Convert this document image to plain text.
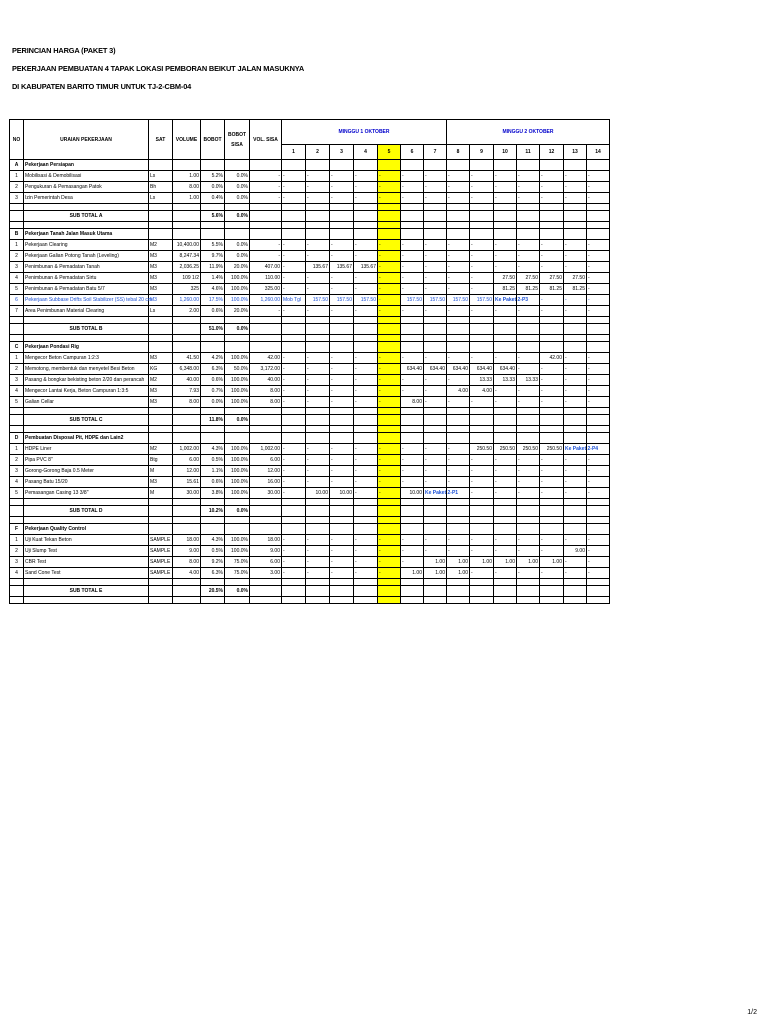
PERINCIAN HARGA (PAKET 3)
PEKERJAAN PEMBUATAN 4 TAPAK LOKASI PEMBORAN BEIKUT JALAN MASUKNYA
DI KABUPATEN BARITO TIMUR UNTUK TJ-2-CBM-04
NO	URAIAN PEKERJAAN	SAT	VOLUME	BOBOT	BOBOT SISA	VOL. SISA	MINGGU 1 OKTOBER							MINGGU 2 OKTOBER						
							1	2	3	4	5	6	7	8	9	10	11	12	13	14
A	Pekerjaan Persiapan																			
1	Mobilisasi & Demobilisasi	Ls	1.00	5.2%	0.0%	-	-	-	-	-	-	-	-	-	-	-	-	-	-	-
2	Pengukuran & Pemasangan Patok	Bh	8.00	0.0%	0.0%	-	-	-	-	-	-	-	-	-	-	-	-	-	-	-
3	Izin Pemerintah Desa	Ls	1.00	0.4%	0.0%	-	-	-	-	-	-	-	-	-	-	-	-	-	-	-

	SUB TOTAL A			5.6%	0.0%															

B	Pekerjaan Tanah Jalan Masuk Utama																			
1	Pekerjaan Clearing	M2	10,400.00	5.5%	0.0%	-	-	-	-	-	-	-	-	-	-	-	-	-	-	-
2	Pekerjaan Galian Potong Tanah (Leveling)	M3	8,247.34	9.7%	0.0%	-	-	-	-	-	-	-	-	-	-	-	-	-	-	-
3	Penimbunan & Pemadatan Tanah	M3	2,036.25	11.9%	20.0%	407.00	-	135.67	135.67	135.67	-	-	-	-	-	-	-	-	-	-
4	Penimbunan & Pemadatan Sirtu	M3	109 1/2	1.4%	100.0%	110.00	-	-	-	-	-	-	-	-	-	27.50	27.50	27.50	27.50	-
5	Penimbunan & Pemadatan Batu 5/7	M3	325	4.6%	100.0%	325.00	-	-	-	-	-	-	-	-	-	81.25	81.25	81.25	81.25	-
6	Pekerjaan Subbase Drifts Soil Stabilizer (SS) tebal 20 cm	M3	1,260.00	17.5%	100.0%	1,260.00	Mob Tgl	157.50	157.50	157.50	-	157.50	157.50	157.50	157.50	Ke Paket 2-P3		-	-	-
7	Area Penimbunan Material Clearing	Ls	2.00	0.6%	20.0%	-	-	-	-	-	-	-	-	-	-	-	-	-	-	-

	SUB TOTAL B			51.0%	0.0%															

C	Pekerjaan Pondasi Rig																			
1	Mengecor Beton Campuran 1:2:3	M3	41.50	4.2%	100.0%	42.00	-	-	-	-	-	-	-	-	-	-	-	42.00	-	-
2	Memotong, membentuk dan menyetel Besi Beton	KG	6,348.00	6.3%	50.0%	3,172.00	-	-	-	-	-	634.40	634.40	634.40	634.40	634.40	-	-	-	-
3	Pasang & bongkar bekisting beton 2/20 dan perancah	M2	40.00	0.6%	100.0%	40.00	-	-	-	-	-	-	-	-	13.33	13.33	13.33	-	-	-
4	Mengecor Lantai Kerja, Beton Campuran 1:3:5	M3	7.93	0.7%	100.0%	8.00	-	-	-	-	-	-	-	4.00	4.00	-	-	-	-	-
5	Galian Cellar	M3	8.00	0.0%	100.0%	8.00	-	-	-	-	-	8.00	-	-	-	-	-	-	-	-

	SUB TOTAL C			11.8%	0.0%															

D	Pembuatan Disposal Pit, HDPE dan Lain2																			
1	HDPE Liner	M2	1,002.00	4.3%	100.0%	1,002.00	-	-	-	-	-	-	-	-	250.50	250.50	250.50	250.50	Ke Paket 2-P4	
2	Pipa PVC 8"	Btg	6.00	0.5%	100.0%	6.00	-	-	-	-	-	-	-	-	-	-	-	-	-	-
3	Gorong-Gorong Baja 0.5 Meter	M	12.00	1.1%	100.0%	12.00	-	-	-	-	-	-	-	-	-	-	-	-	-	-
4	Pasang Batu 15/20	M3	15.61	0.6%	100.0%	16.00	-	-	-	-	-	-	-	-	-	-	-	-	-	-
5	Pemasangan Casing 13 3/8"	M	30.00	3.8%	100.0%	30.00	-	10.00	10.00	-	-	10.00	Ke Paket 2-P1		-	-	-	-	-	-

	SUB TOTAL D			10.2%	0.0%															

F	Pekerjaan Quality Control																			
1	Uji Kuat Tekan Beton	SAMPLE	18.00	4.3%	100.0%	18.00	-	-	-	-	-	-	-	-	-	-	-	-	-	-
2	Uji Slump Test	SAMPLE	9.00	0.5%	100.0%	9.00	-	-	-	-	-	-	-	-	-	-	-	-	9.00	-
3	CBR Test	SAMPLE	8.00	9.2%	75.0%	6.00	-	-	-	-	-	-	1.00	1.00	1.00	1.00	1.00	1.00	-	-
4	Sand Cone Test	SAMPLE	4.00	6.3%	75.0%	3.00	-	-	-	-	-	1.00	1.00	1.00	-	-	-	-	-	-

	SUB TOTAL E			20.5%	0.0%															

1/2
